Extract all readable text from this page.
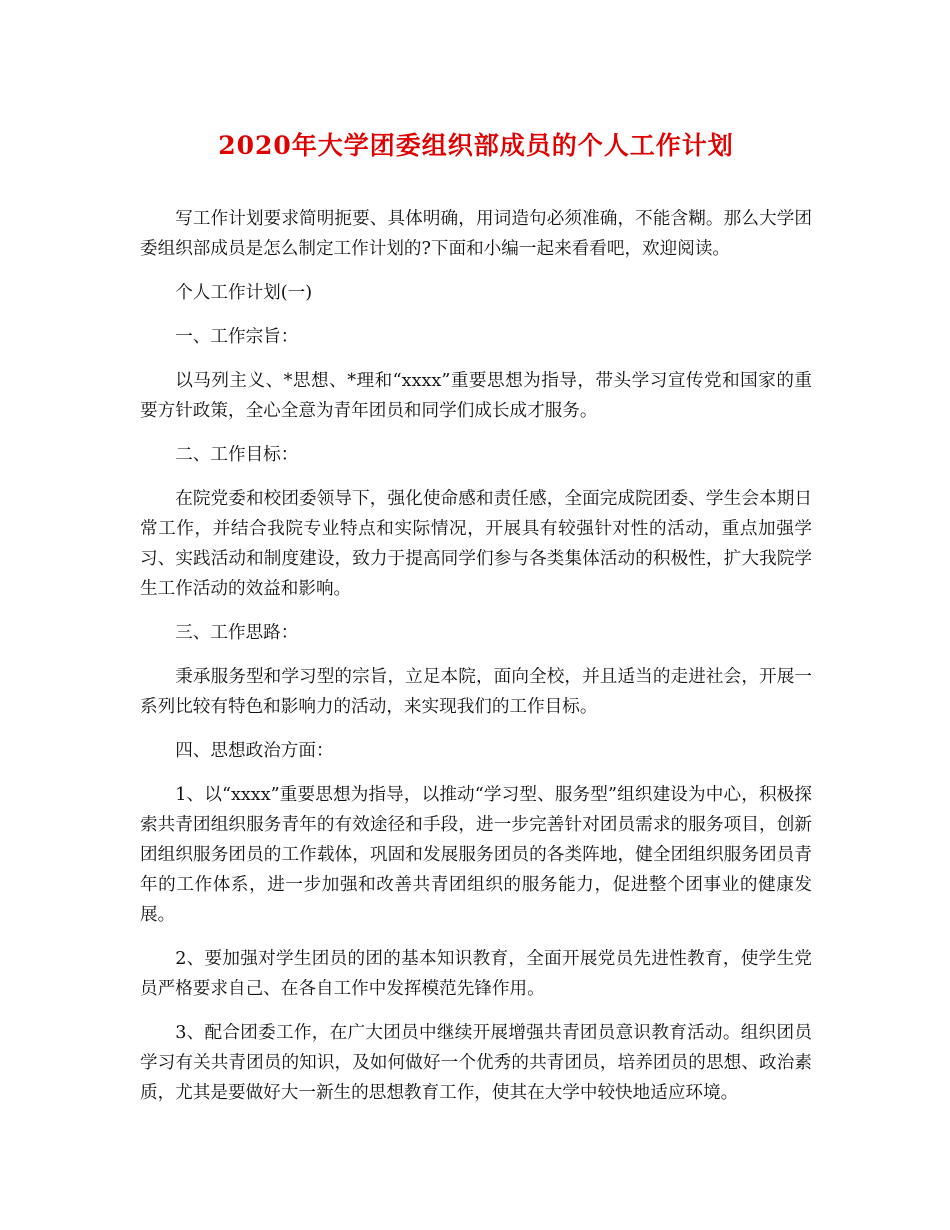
2020年大学团委组织部成员的个人工作计划

写工作计划要求简明扼要、具体明确，用词造句必须准确，不能含糊。那么大学团委组织部成员是怎么制定工作计划的?下面和小编一起来看看吧，欢迎阅读。

个人工作计划(一)

一、工作宗旨：

以马列主义、*思想、*理和“xxxx”重要思想为指导，带头学习宣传党和国家的重要方针政策，全心全意为青年团员和同学们成长成才服务。

二、工作目标：

在院党委和校团委领导下，强化使命感和责任感，全面完成院团委、学生会本期日常工作，并结合我院专业特点和实际情况，开展具有较强针对性的活动，重点加强学习、实践活动和制度建设，致力于提高同学们参与各类集体活动的积极性，扩大我院学生工作活动的效益和影响。

三、工作思路：

秉承服务型和学习型的宗旨，立足本院，面向全校，并且适当的走进社会，开展一系列比较有特色和影响力的活动，来实现我们的工作目标。

四、思想政治方面：

1、以“xxxx”重要思想为指导，以推动“学习型、服务型”组织建设为中心，积极探索共青团组织服务青年的有效途径和手段，进一步完善针对团员需求的服务项目，创新团组织服务团员的工作载体，巩固和发展服务团员的各类阵地，健全团组织服务团员青年的工作体系，进一步加强和改善共青团组织的服务能力，促进整个团事业的健康发展。

2、要加强对学生团员的团的基本知识教育，全面开展党员先进性教育，使学生党员严格要求自己、在各自工作中发挥模范先锋作用。

3、配合团委工作，在广大团员中继续开展增强共青团员意识教育活动。组织团员学习有关共青团员的知识，及如何做好一个优秀的共青团员，培养团员的思想、政治素质，尤其是要做好大一新生的思想教育工作，使其在大学中较快地适应环境。
